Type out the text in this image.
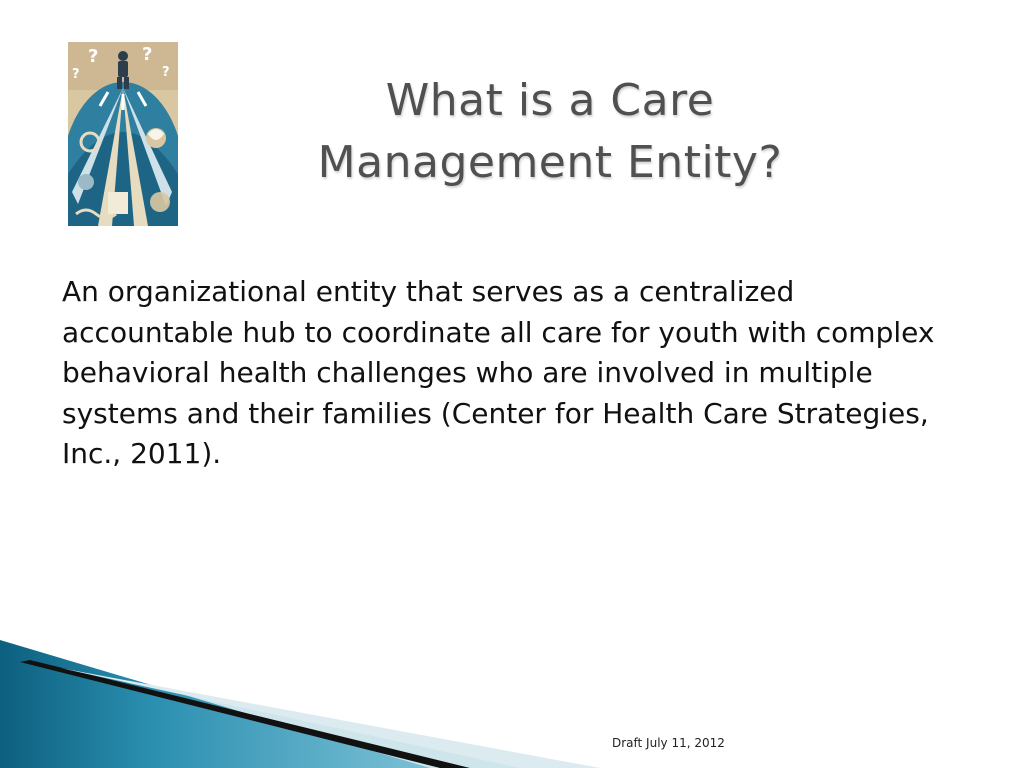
? ?
?	?
What is a Care
Management Entity?

An organizational entity that serves as a centralized accountable hub to coordinate all care for youth with complex behavioral health challenges who are involved in multiple systems and their families (Center for Health Care Strategies, Inc., 2011).

Draft July 11, 2012
